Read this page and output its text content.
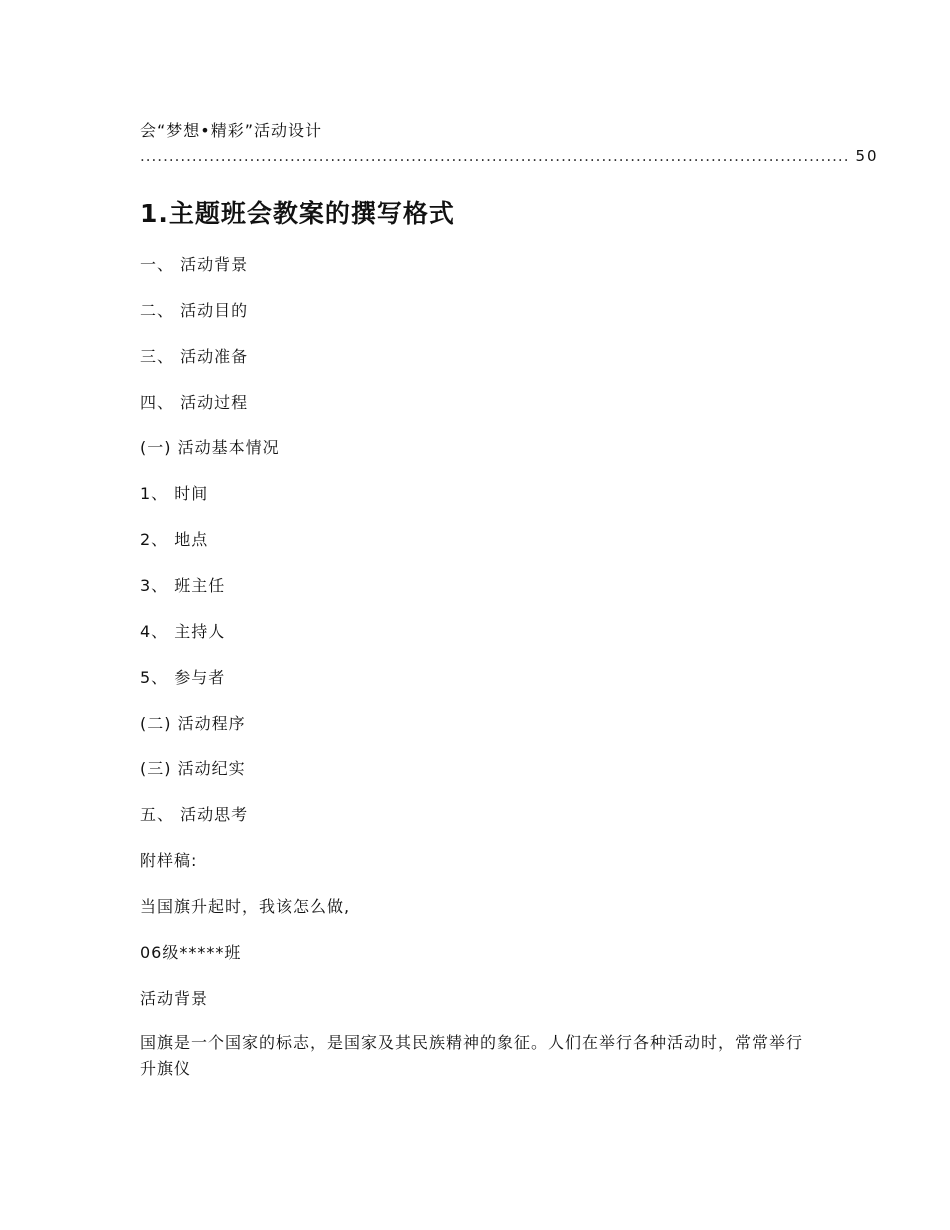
会“梦想•精彩”活动设计
........................................................................................................................... 50
1.主题班会教案的撰写格式
一、 活动背景
二、 活动目的
三、 活动准备
四、 活动过程
(一) 活动基本情况
1、 时间
2、 地点
3、 班主任
4、 主持人
5、 参与者
(二) 活动程序
(三) 活动纪实
五、 活动思考
附样稿:
当国旗升起时，我该怎么做,
06级*****班
活动背景
国旗是一个国家的标志，是国家及其民族精神的象征。人们在举行各种活动时，常常举行升旗仪
